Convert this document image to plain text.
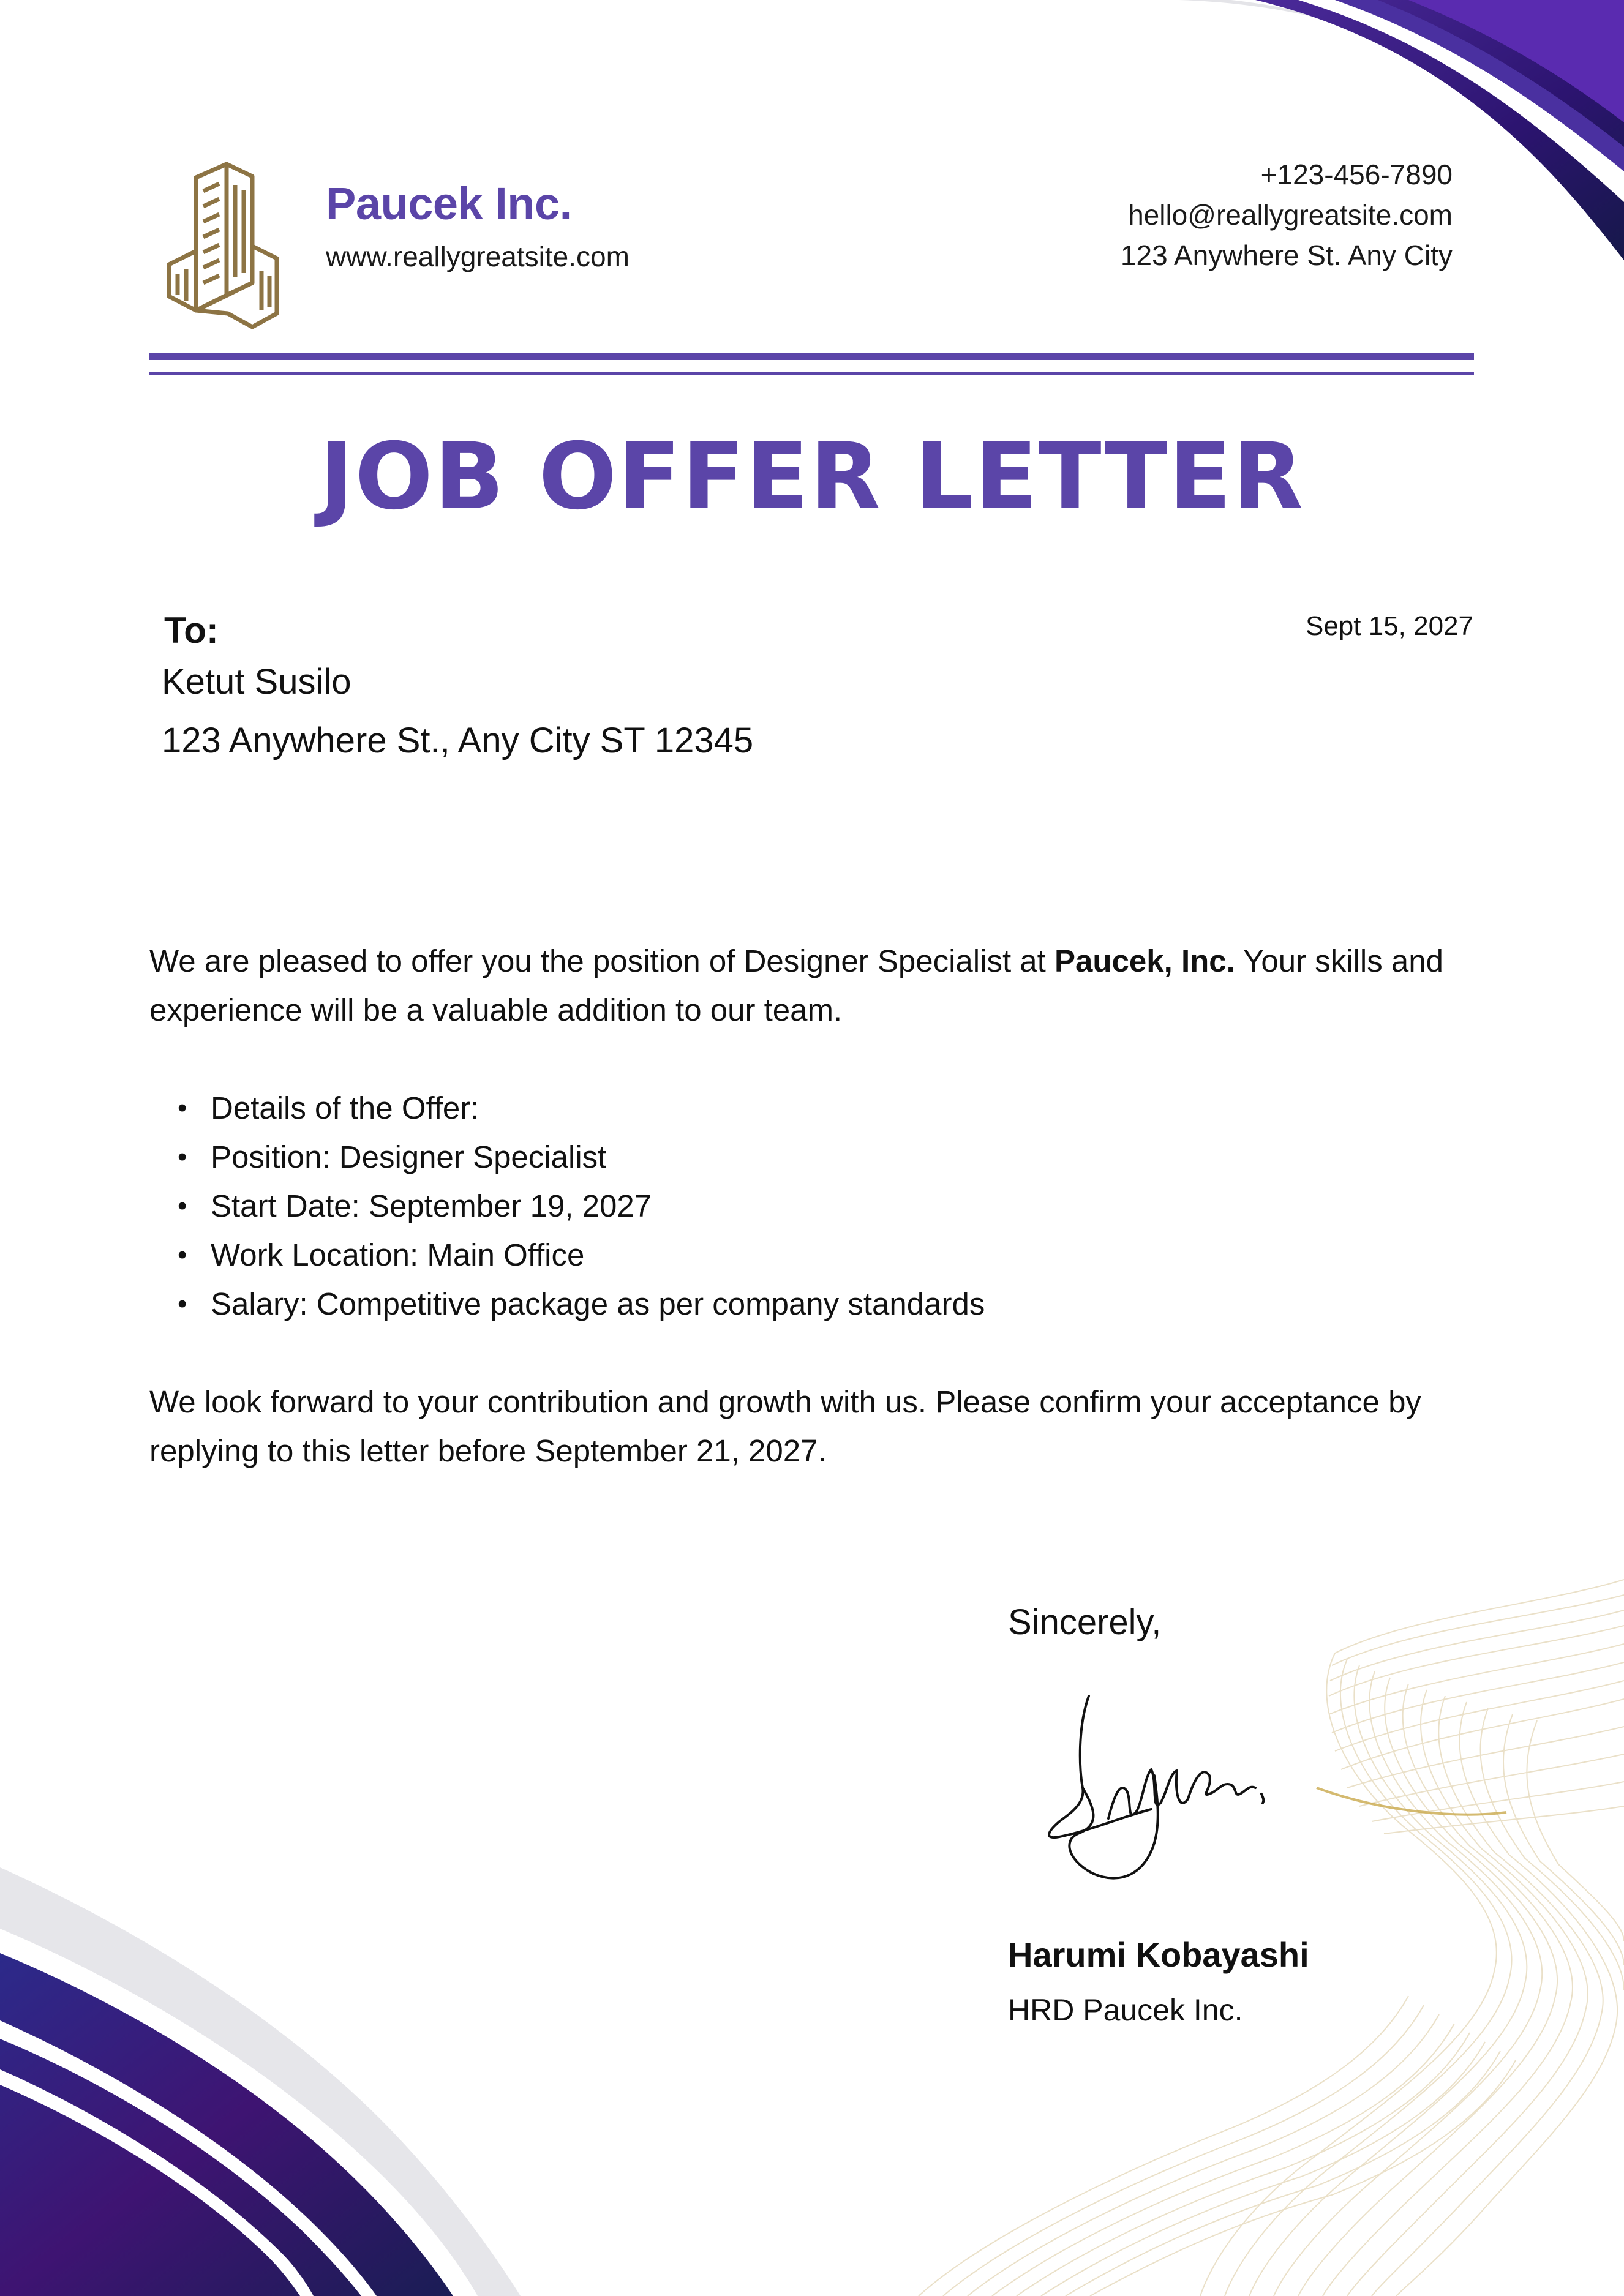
Paucek Inc.
www.reallygreatsite.com
+123-456-7890
hello@reallygreatsite.com
123 Anywhere St. Any City
JOB OFFER LETTER
To:
Ketut Susilo
123 Anywhere St., Any City ST 12345
Sept 15, 2027
We are pleased to offer you the position of Designer Specialist at Paucek, Inc. Your skills and experience will be a valuable addition to our team.
• Details of the Offer:
• Position: Designer Specialist
• Start Date: September 19, 2027
• Work Location: Main Office
• Salary: Competitive package as per company standards
We look forward to your contribution and growth with us. Please confirm your acceptance by replying to this letter before September 21, 2027.
Sincerely,
Harumi Kobayashi
HRD Paucek Inc.
